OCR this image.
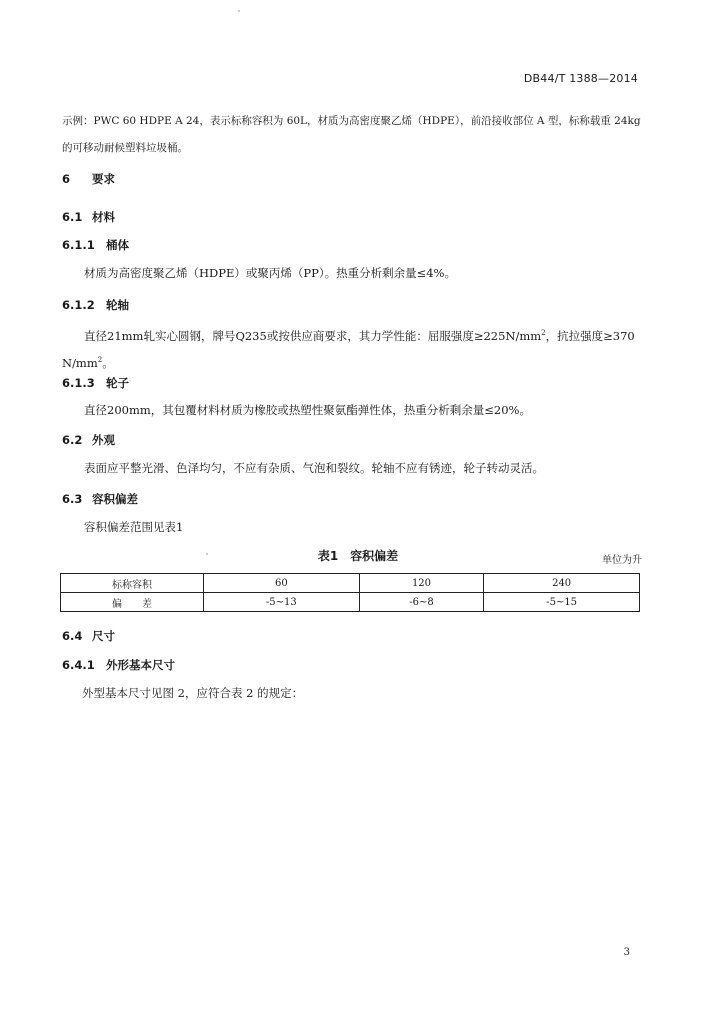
DB44/T 1388—2014
示例：PWC 60 HDPE A 24，表示标称容积为 60L，材质为高密度聚乙烯（HDPE），前沿接收部位 A 型，标称载重 24kg 的可移动耐候塑料垃圾桶。
6 要求
6.1 材料
6.1.1 桶体
材质为高密度聚乙烯（HDPE）或聚丙烯（PP）。热重分析剩余量≤4%。
6.1.2 轮轴
直径21mm轧实心圆钢，牌号Q235或按供应商要求，其力学性能：屈服强度$\ge 225N/mm^2$，抗拉强度≥370 $N/mm^2$。
6.1.3 轮子
直径200mm，其包覆材料材质为橡胶或热塑性聚氨酯弹性体，热重分析剩余量≤20%。
6.2 外观
表面应平整光滑、色泽均匀，不应有杂质、气泡和裂纹。轮轴不应有锈迹，轮子转动灵活。
6.3 容积偏差
容积偏差范围见表1
表1　容积偏差	单位为升
标称容积	60	120	240
偏　　差	-5~13	-6~8	-5~15
6.4 尺寸
6.4.1 外形基本尺寸
外型基本尺寸见图 2，应符合表 2 的规定：
3
